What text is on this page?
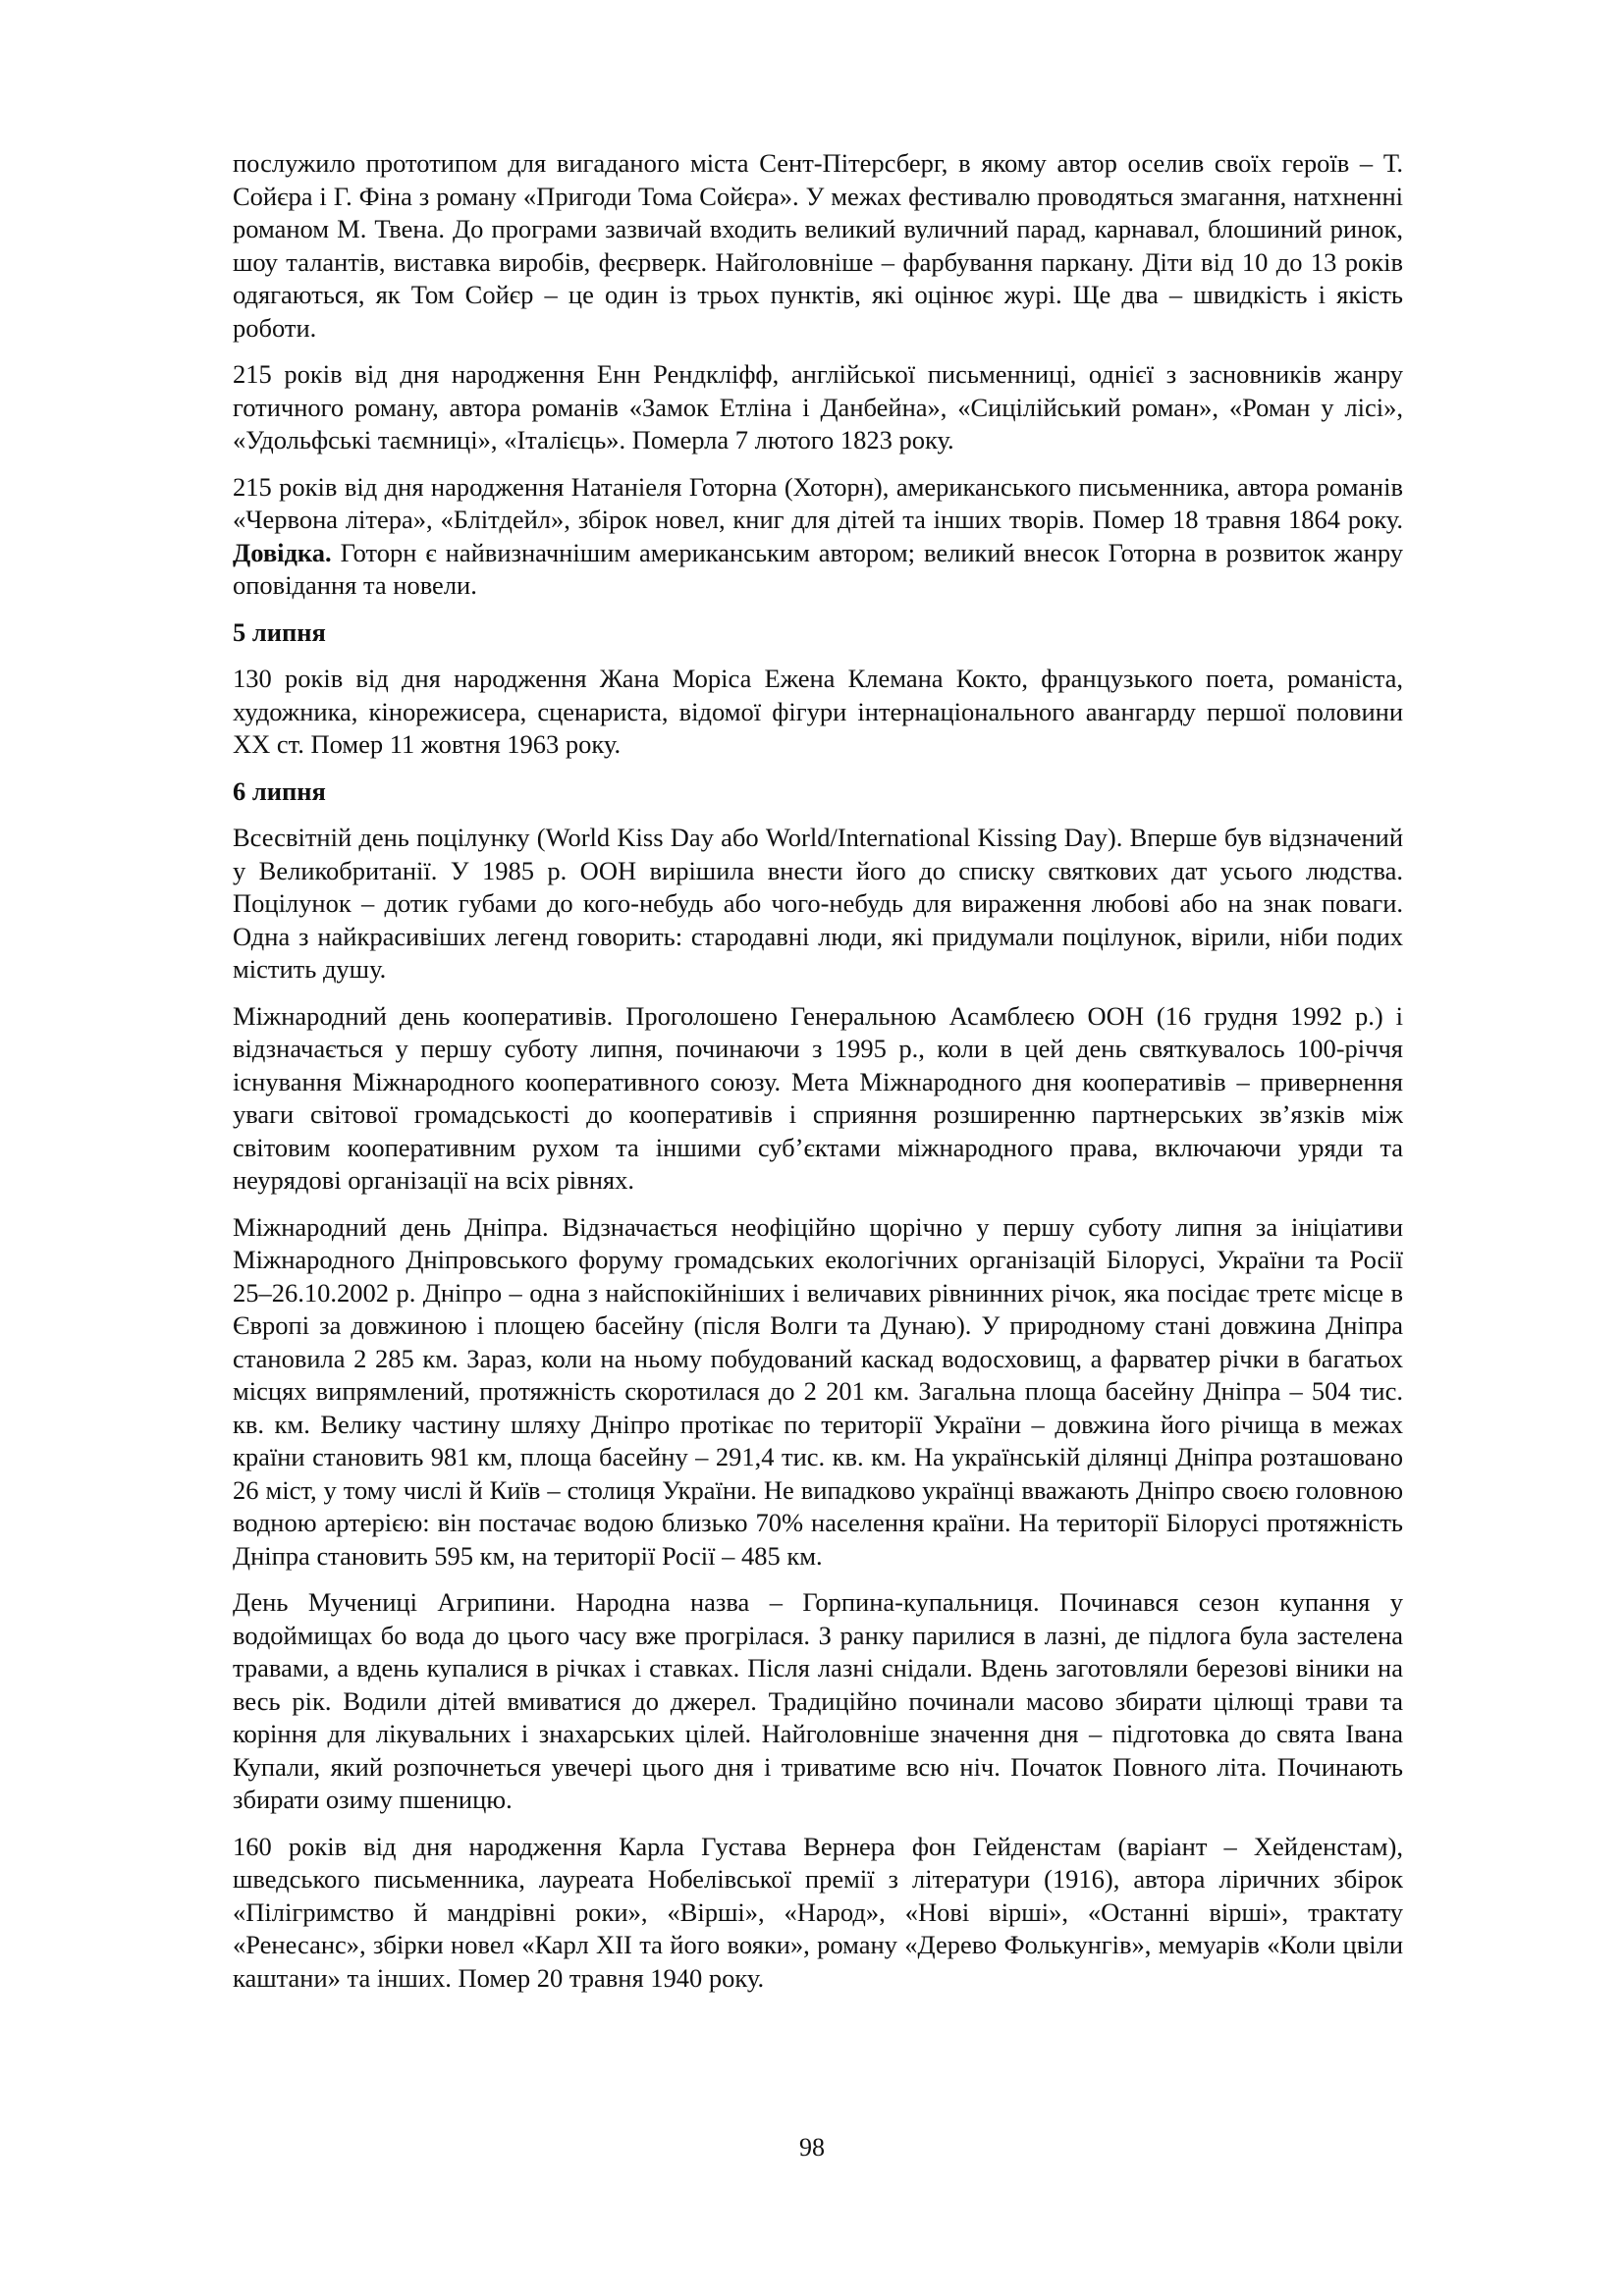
послужило прототипом для вигаданого міста Сент-Пітерсберг, в якому автор оселив своїх героїв – Т. Сойєра і Г. Фіна з роману «Пригоди Тома Сойєра». У межах фестивалю проводяться змагання, натхненні романом М. Твена. До програми зазвичай входить великий вуличний парад, карнавал, блошиний ринок, шоу талантів, виставка виробів, феєрверк. Найголовніше – фарбування паркану. Діти від 10 до 13 років одягаються, як Том Сойєр – це один із трьох пунктів, які оцінює журі. Ще два – швидкість і якість роботи.

215 років від дня народження Енн Рендкліфф, англійської письменниці, однієї з засновників жанру готичного роману, автора романів «Замок Етліна і Данбейна», «Сицілійський роман», «Роман у лісі», «Удольфські таємниці», «Італієць». Померла 7 лютого 1823 року.

215 років від дня народження Натаніеля Готорна (Хоторн), американського письменника, автора романів «Червона літера», «Блітдейл», збірок новел, книг для дітей та інших творів. Помер 18 травня 1864 року. Довідка. Готорн є найвизначнішим американським автором; великий внесок Готорна в розвиток жанру оповідання та новели.

5 липня

130 років від дня народження Жана Моріса Ежена Клемана Кокто, французького поета, романіста, художника, кінорежисера, сценариста, відомої фігури інтернаціонального авангарду першої половини XX ст. Помер 11 жовтня 1963 року.

6 липня

Всесвітній день поцілунку (World Kiss Day або World/International Kissing Day). Вперше був відзначений у Великобританії. У 1985 р. ООН вирішила внести його до списку святкових дат усього людства. Поцілунок – дотик губами до кого-небудь або чого-небудь для вираження любові або на знак поваги. Одна з найкрасивіших легенд говорить: стародавні люди, які придумали поцілунок, вірили, ніби подих містить душу.

Міжнародний день кооперативів. Проголошено Генеральною Асамблеєю ООН (16 грудня 1992 р.) і відзначається у першу суботу липня, починаючи з 1995 р., коли в цей день святкувалось 100-річчя існування Міжнародного кооперативного союзу. Мета Міжнародного дня кооперативів – привернення уваги світової громадськості до кооперативів і сприяння розширенню партнерських зв’язків між світовим кооперативним рухом та іншими суб’єктами міжнародного права, включаючи уряди та неурядові організації на всіх рівнях.

Міжнародний день Дніпра. Відзначається неофіційно щорічно у першу суботу липня за ініціативи Міжнародного Дніпровського форуму громадських екологічних організацій Білорусі, України та Росії 25–26.10.2002 р. Дніпро – одна з найспокійніших і величавих рівнинних річок, яка посідає третє місце в Європі за довжиною і площею басейну (після Волги та Дунаю). У природному стані довжина Дніпра становила 2 285 км. Зараз, коли на ньому побудований каскад водосховищ, а фарватер річки в багатьох місцях випрямлений, протяжність скоротилася до 2 201 км. Загальна площа басейну Дніпра – 504 тис. кв. км. Велику частину шляху Дніпро протікає по території України – довжина його річища в межах країни становить 981 км, площа басейну – 291,4 тис. кв. км. На українській ділянці Дніпра розташовано 26 міст, у тому числі й Київ – столиця України. Не випадково українці вважають Дніпро своєю головною водною артерією: він постачає водою близько 70% населення країни. На території Білорусі протяжність Дніпра становить 595 км, на території Росії – 485 км.

День Мучениці Агрипини. Народна назва – Горпина-купальниця. Починався сезон купання у водоймищах бо вода до цього часу вже прогрілася. З ранку парилися в лазні, де підлога була застелена травами, а вдень купалися в річках і ставках. Після лазні снідали. Вдень заготовляли березові віники на весь рік. Водили дітей вмиватися до джерел. Традиційно починали масово збирати цілющі трави та коріння для лікувальних і знахарських цілей. Найголовніше значення дня – підготовка до свята Івана Купали, який розпочнеться увечері цього дня і триватиме всю ніч. Початок Повного літа. Починають збирати озиму пшеницю.

160 років від дня народження Карла Густава Вернера фон Гейденстам (варіант – Хейденстам), шведського письменника, лауреата Нобелівської премії з літератури (1916), автора ліричних збірок «Пілігримство й мандрівні роки», «Вірші», «Народ», «Нові вірші», «Останні вірші», трактату «Ренесанс», збірки новел «Карл XII та його вояки», роману «Дерево Фолькунгів», мемуарів «Коли цвіли каштани» та інших. Помер 20 травня 1940 року.

98
